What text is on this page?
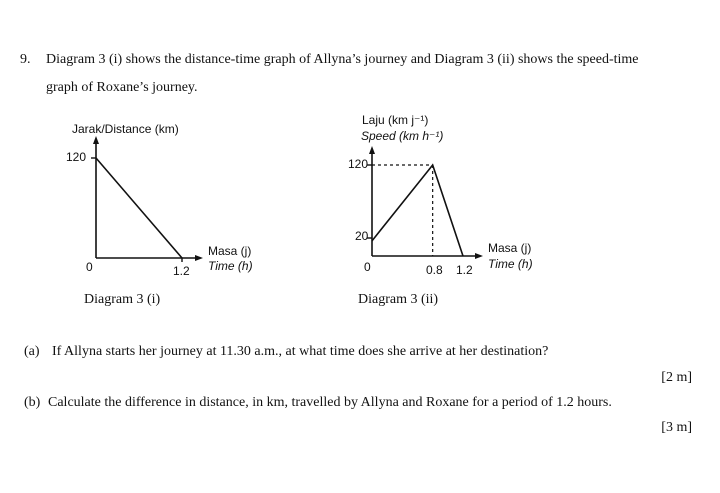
9. Diagram 3 (i) shows the distance-time graph of Allyna’s journey and Diagram 3 (ii) shows the speed-time
graph of Roxane’s journey.
Jarak/Distance (km)
120
0	1.2
Masa (j)
Time (h)
Diagram 3 (i)
Laju (km j⁻¹)
Speed (km h⁻¹)
120
20
0	0.8 1.2
Masa (j)
Time (h)
Diagram 3 (ii)
(a) If Allyna starts her journey at 11.30 a.m., at what time does she arrive at her destination?
[2 m]
(b) Calculate the difference in distance, in km, travelled by Allyna and Roxane for a period of 1.2 hours.
[3 m]
